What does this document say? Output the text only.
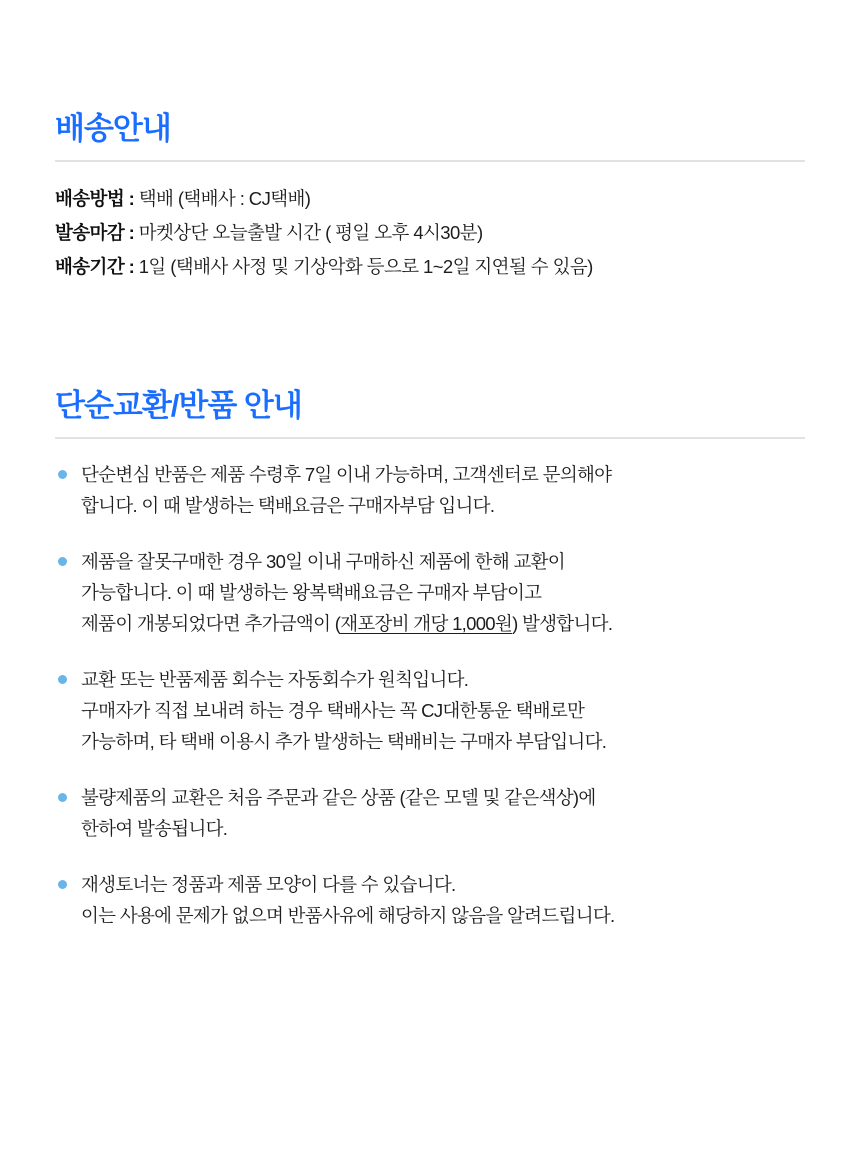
배송안내
배송방법 : 택배 (택배사 : CJ택배)
발송마감 : 마켓상단 오늘출발 시간 ( 평일 오후 4시30분)
배송기간 : 1일 (택배사 사정 및 기상악화 등으로 1~2일 지연될 수 있음)
단순교환/반품 안내
단순변심 반품은 제품 수령후 7일 이내 가능하며, 고객센터로 문의해야
합니다. 이 때 발생하는 택배요금은 구매자부담 입니다.
제품을 잘못구매한 경우 30일 이내 구매하신 제품에 한해 교환이
가능합니다. 이 때 발생하는 왕복택배요금은 구매자 부담이고
제품이 개봉되었다면 추가금액이 (재포장비 개당 1,000원) 발생합니다.
교환 또는 반품제품 회수는 자동회수가 원칙입니다.
구매자가 직접 보내려 하는 경우 택배사는 꼭 CJ대한통운 택배로만
가능하며, 타 택배 이용시 추가 발생하는 택배비는 구매자 부담입니다.
불량제품의 교환은 처음 주문과 같은 상품 (같은 모델 및 같은색상)에
한하여 발송됩니다.
재생토너는 정품과 제품 모양이 다를 수 있습니다.
이는 사용에 문제가 없으며 반품사유에 해당하지 않음을 알려드립니다.
